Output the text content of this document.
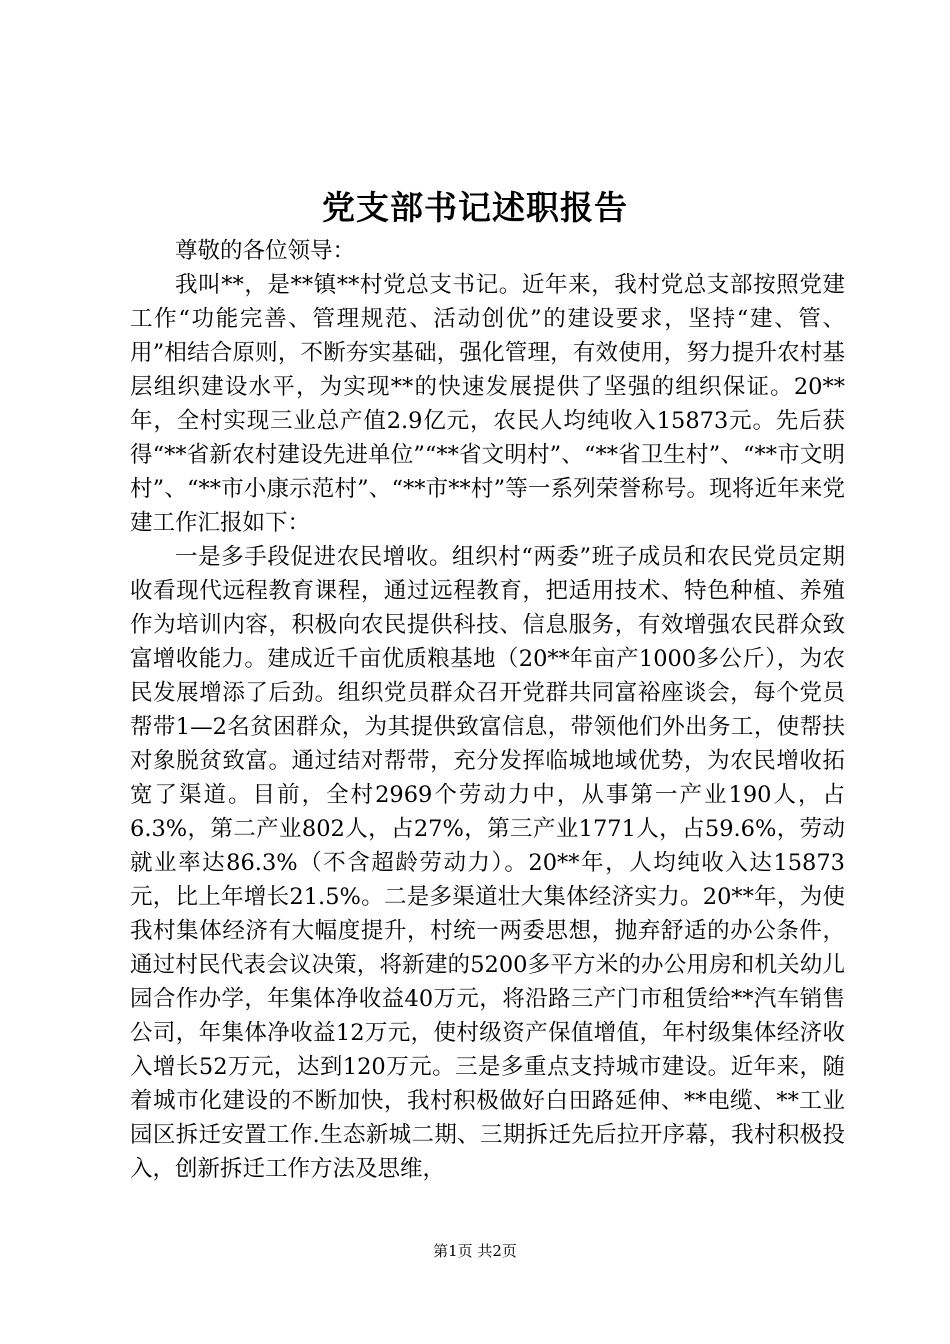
党支部书记述职报告

尊敬的各位领导：

我叫**，是**镇**村党总支书记。近年来，我村党总支部按照党建工作“功能完善、管理规范、活动创优”的建设要求，坚持“建、管、用”相结合原则，不断夯实基础，强化管理，有效使用，努力提升农村基层组织建设水平，为实现**的快速发展提供了坚强的组织保证。20**年，全村实现三业总产值2.9亿元，农民人均纯收入15873元。先后获得“**省新农村建设先进单位”“**省文明村”、“**省卫生村”、“**市文明村”、“**市小康示范村”、“**市**村”等一系列荣誉称号。现将近年来党建工作汇报如下：

一是多手段促进农民增收。组织村“两委”班子成员和农民党员定期收看现代远程教育课程，通过远程教育，把适用技术、特色种植、养殖作为培训内容，积极向农民提供科技、信息服务，有效增强农民群众致富增收能力。建成近千亩优质粮基地（20**年亩产1000多公斤），为农民发展增添了后劲。组织党员群众召开党群共同富裕座谈会，每个党员帮带1—2名贫困群众，为其提供致富信息，带领他们外出务工，使帮扶对象脱贫致富。通过结对帮带，充分发挥临城地域优势，为农民增收拓宽了渠道。目前，全村2969个劳动力中，从事第一产业190人，占6.3%，第二产业802人，占27%，第三产业1771人，占59.6%，劳动就业率达86.3%（不含超龄劳动力）。20**年，人均纯收入达15873元，比上年增长21.5%。二是多渠道壮大集体经济实力。20**年，为使我村集体经济有大幅度提升，村统一两委思想，抛弃舒适的办公条件，通过村民代表会议决策，将新建的5200多平方米的办公用房和机关幼儿园合作办学，年集体净收益40万元，将沿路三产门市租赁给**汽车销售公司，年集体净收益12万元，使村级资产保值增值，年村级集体经济收入增长52万元，达到120万元。三是多重点支持城市建设。近年来，随着城市化建设的不断加快，我村积极做好白田路延伸、**电缆、**工业园区拆迁安置工作.生态新城二期、三期拆迁先后拉开序幕，我村积极投入，创新拆迁工作方法及思维，

第1页 共2页
